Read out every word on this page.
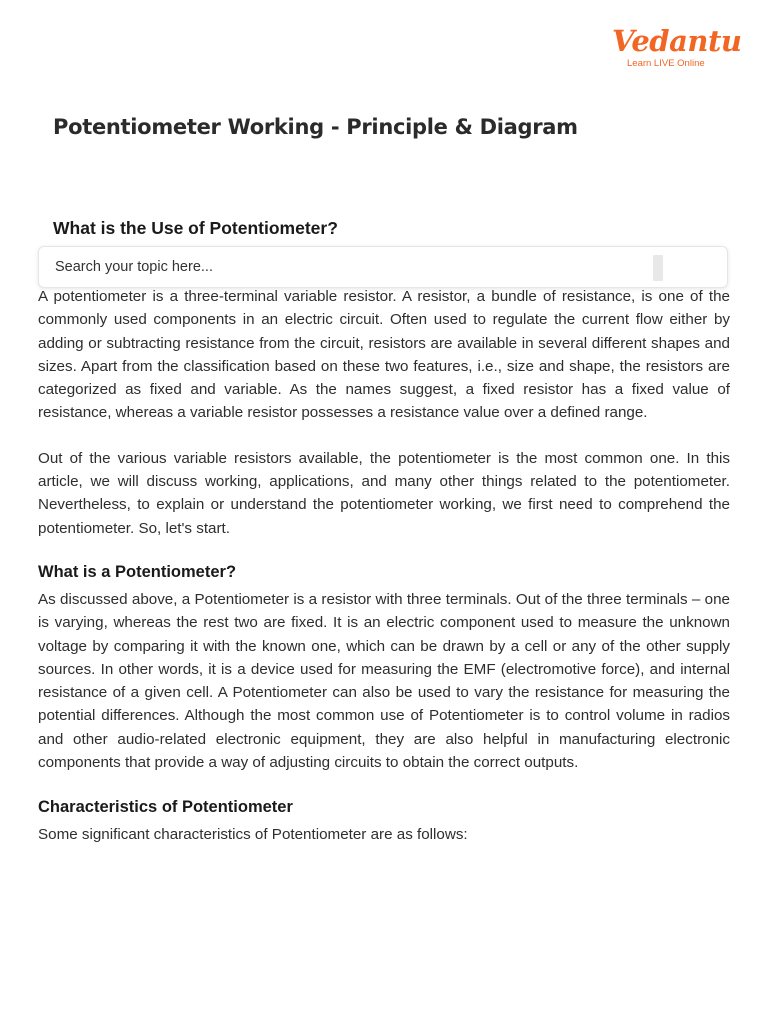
Vedantu
Learn LIVE Online
Potentiometer Working - Principle & Diagram
What is the Use of Potentiometer?
Search your topic here...

A potentiometer is a three-terminal variable resistor. A resistor, a bundle of resistance, is one of the commonly used components in an electric circuit. Often used to regulate the current flow either by adding or subtracting resistance from the circuit, resistors are available in several different shapes and sizes. Apart from the classification based on these two features, i.e., size and shape, the resistors are categorized as fixed and variable. As the names suggest, a fixed resistor has a fixed value of resistance, whereas a variable resistor possesses a resistance value over a defined range.

Out of the various variable resistors available, the potentiometer is the most common one. In this article, we will discuss working, applications, and many other things related to the potentiometer. Nevertheless, to explain or understand the potentiometer working, we first need to comprehend the potentiometer. So, let's start.

What is a Potentiometer?

As discussed above, a Potentiometer is a resistor with three terminals. Out of the three terminals – one is varying, whereas the rest two are fixed. It is an electric component used to measure the unknown voltage by comparing it with the known one, which can be drawn by a cell or any of the other supply sources. In other words, it is a device used for measuring the EMF (electromotive force), and internal resistance of a given cell. A Potentiometer can also be used to vary the resistance for measuring the potential differences. Although the most common use of Potentiometer is to control volume in radios and other audio-related electronic equipment, they are also helpful in manufacturing electronic components that provide a way of adjusting circuits to obtain the correct outputs.

Characteristics of Potentiometer

Some significant characteristics of Potentiometer are as follows:
